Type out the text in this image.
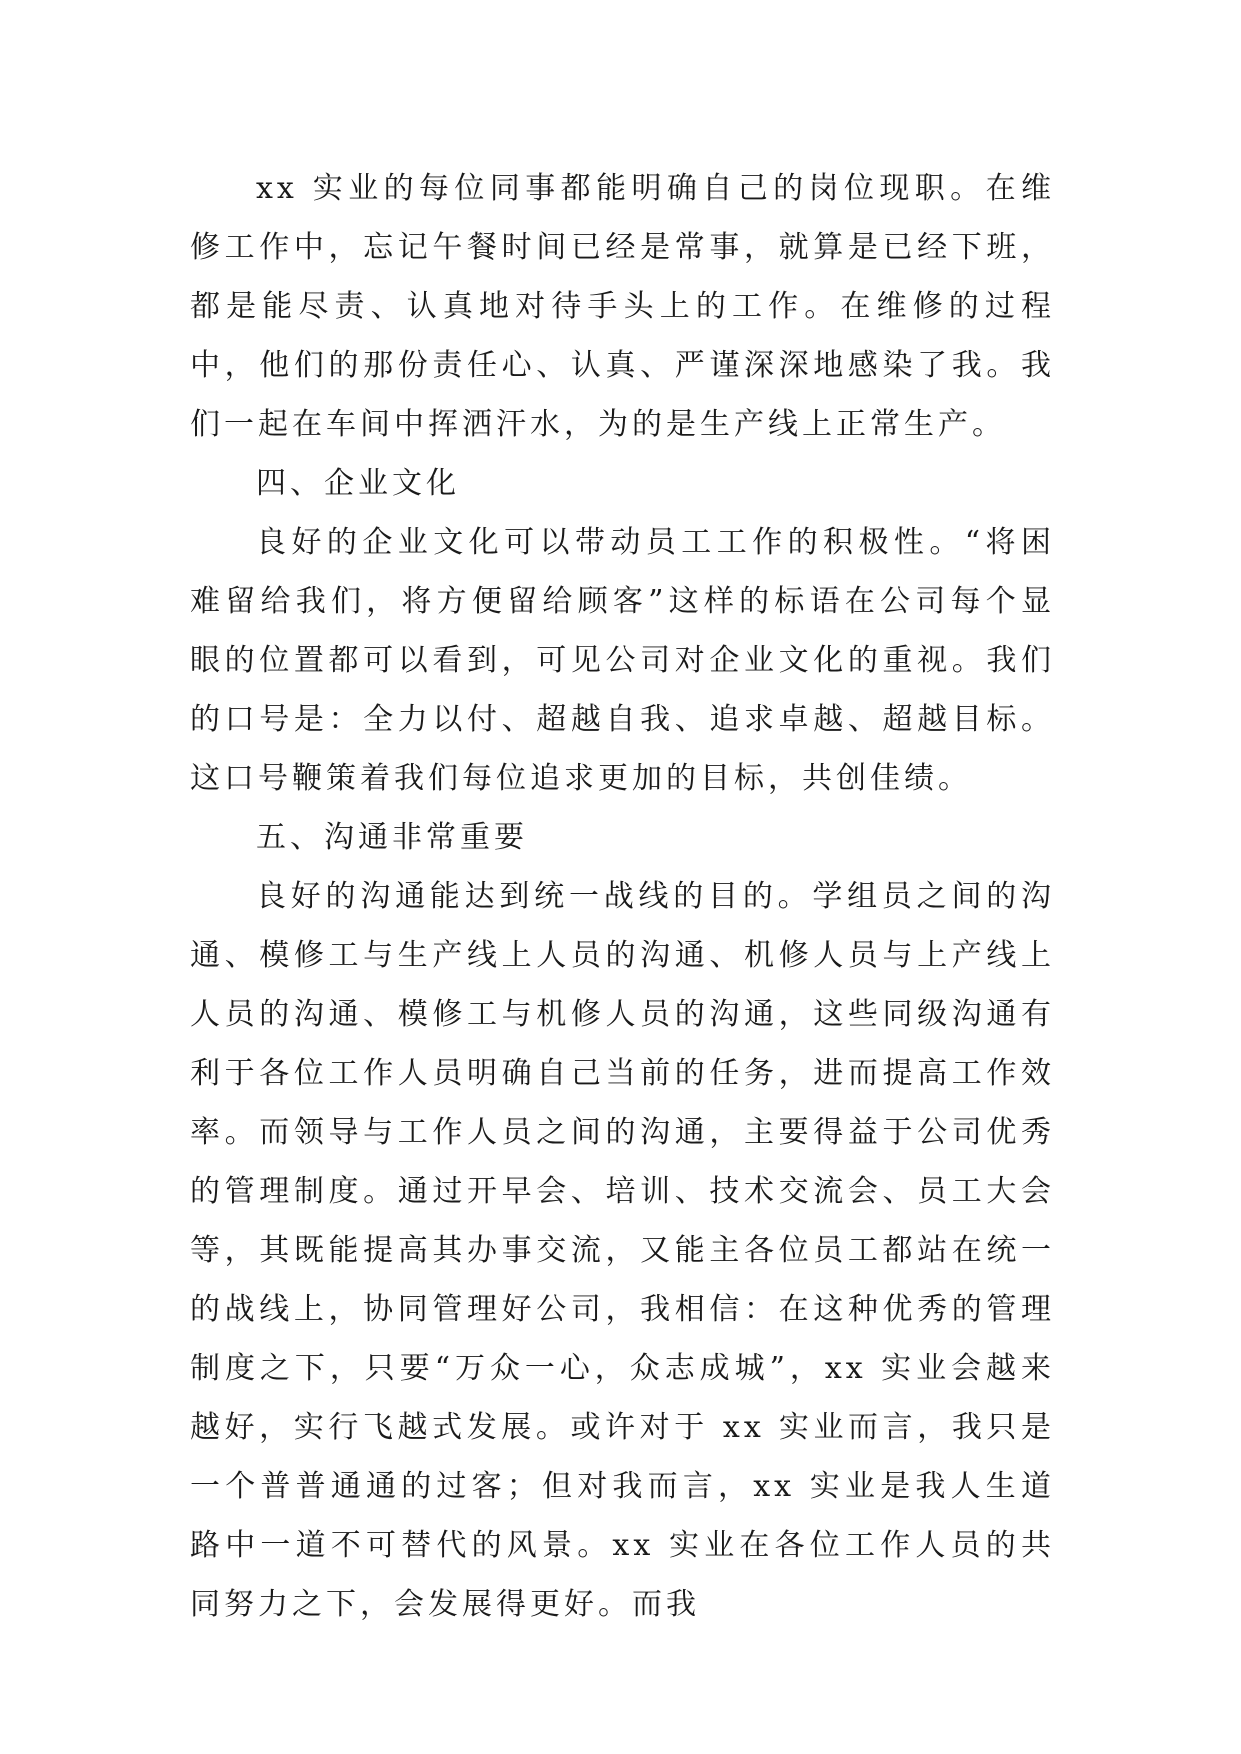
xx 实业的每位同事都能明确自己的岗位现职。在维修工作中，忘记午餐时间已经是常事，就算是已经下班，都是能尽责、认真地对待手头上的工作。在维修的过程中，他们的那份责任心、认真、严谨深深地感染了我。我们一起在车间中挥洒汗水，为的是生产线上正常生产。

四、企业文化

良好的企业文化可以带动员工工作的积极性。“将困难留给我们，将方便留给顾客”这样的标语在公司每个显眼的位置都可以看到，可见公司对企业文化的重视。我们的口号是：全力以付、超越自我、追求卓越、超越目标。这口号鞭策着我们每位追求更加的目标，共创佳绩。

五、沟通非常重要

良好的沟通能达到统一战线的目的。学组员之间的沟通、模修工与生产线上人员的沟通、机修人员与上产线上人员的沟通、模修工与机修人员的沟通，这些同级沟通有利于各位工作人员明确自己当前的任务，进而提高工作效率。而领导与工作人员之间的沟通，主要得益于公司优秀的管理制度。通过开早会、培训、技术交流会、员工大会等，其既能提高其办事交流，又能主各位员工都站在统一的战线上，协同管理好公司，我相信：在这种优秀的管理制度之下，只要“万众一心，众志成城”，xx 实业会越来越好，实行飞越式发展。或许对于 xx 实业而言，我只是一个普普通通的过客；但对我而言，xx 实业是我人生道路中一道不可替代的风景。xx 实业在各位工作人员的共同努力之下，会发展得更好。而我
